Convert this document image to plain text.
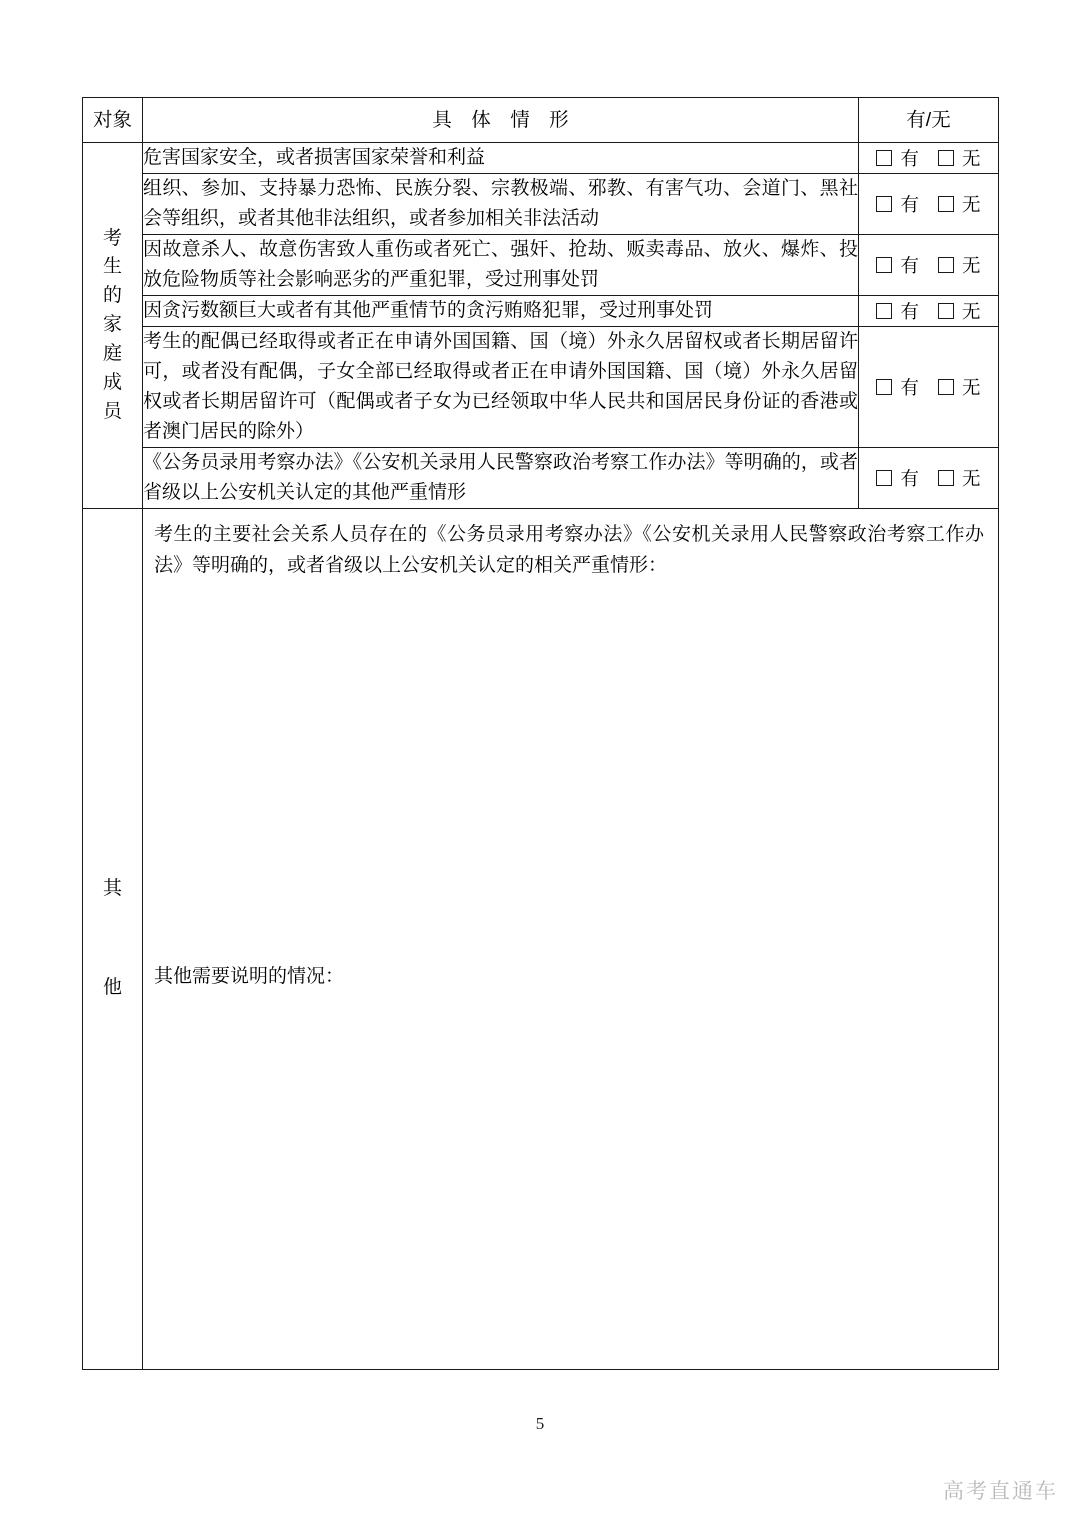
对象	具 体 情 形	有/无
考生的家庭成员	危害国家安全，或者损害国家荣誉和利益	有 无
	组织、参加、支持暴力恐怖、民族分裂、宗教极端、邪教、有害气功、会道门、黑社会等组织，或者其他非法组织，或者参加相关非法活动	有 无
	因故意杀人、故意伤害致人重伤或者死亡、强奸、抢劫、贩卖毒品、放火、爆炸、投放危险物质等社会影响恶劣的严重犯罪，受过刑事处罚	有 无
	因贪污数额巨大或者有其他严重情节的贪污贿赂犯罪，受过刑事处罚	有 无
	考生的配偶已经取得或者正在申请外国国籍、国（境）外永久居留权或者长期居留许可，或者没有配偶，子女全部已经取得或者正在申请外国国籍、国（境）外永久居留权或者长期居留许可（配偶或者子女为已经领取中华人民共和国居民身份证的香港或者澳门居民的除外）	有 无
	《公务员录用考察办法》《公安机关录用人民警察政治考察工作办法》等明确的，或者省级以上公安机关认定的其他严重情形	有 无
其他	考生的主要社会关系人员存在的《公务员录用考察办法》《公安机关录用人民警察政治考察工作办法》等明确的，或者省级以上公安机关认定的相关严重情形：
其他需要说明的情况：	
5
高考直通车
